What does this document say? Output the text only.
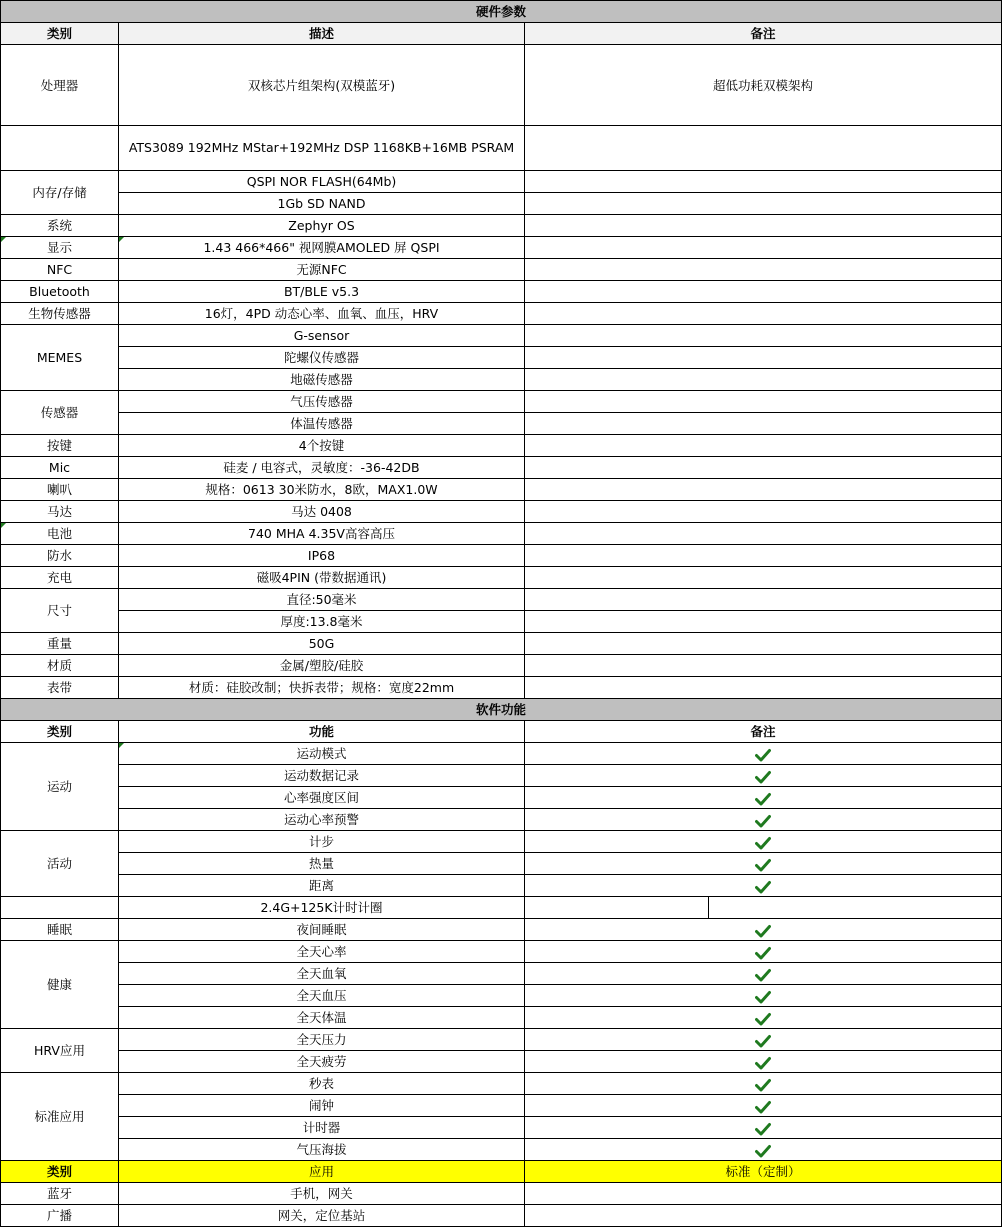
硬件参数			
类别	描述	备注	
处理器	双核芯片组架构(双模蓝牙)	超低功耗双模架构	
	ATS3089 192MHz MStar+192MHz DSP 1168KB+16MB PSRAM		
内存/存储	QSPI NOR FLASH(64Mb)		
	1Gb SD NAND		
系统	Zephyr OS		
显示	1.43 466*466" 视网膜AMOLED 屏 QSPI		
NFC	无源NFC		
Bluetooth	BT/BLE v5.3		
生物传感器	16灯，4PD 动态心率、血氧、血压，HRV		
MEMES	G-sensor		
	陀螺仪传感器		
	地磁传感器		
传感器	气压传感器		
	体温传感器		
按键	4个按键		
Mic	硅麦 / 电容式，灵敏度：-36-42DB		
喇叭	规格：0613 30米防水，8欧，MAX1.0W		
马达	马达 0408		
电池	740 MHA 4.35V高容高压		
防水	IP68		
充电	磁吸4PIN (带数据通讯)		
尺寸	直径:50毫米		
	厚度:13.8毫米		
重量	50G		
材质	金属/塑胶/硅胶		
表带	材质：硅胶改制；快拆表带；规格：宽度22mm		
软件功能			
类别	功能	备注	
运动	运动模式	
	运动数据记录	
	心率强度区间	
	运动心率预警	
活动	计步	
	热量	
	距离	
	2.4G+125K计时计圈		
睡眠	夜间睡眠	
健康	全天心率	
	全天血氧	
	全天血压	
	全天体温	
HRV应用	全天压力	
	全天疲劳	
标准应用	秒表	
	闹钟	
	计时器	
	气压海拔	
类别	应用	标准（定制）	
蓝牙	手机，网关		
广播	网关，定位基站		
